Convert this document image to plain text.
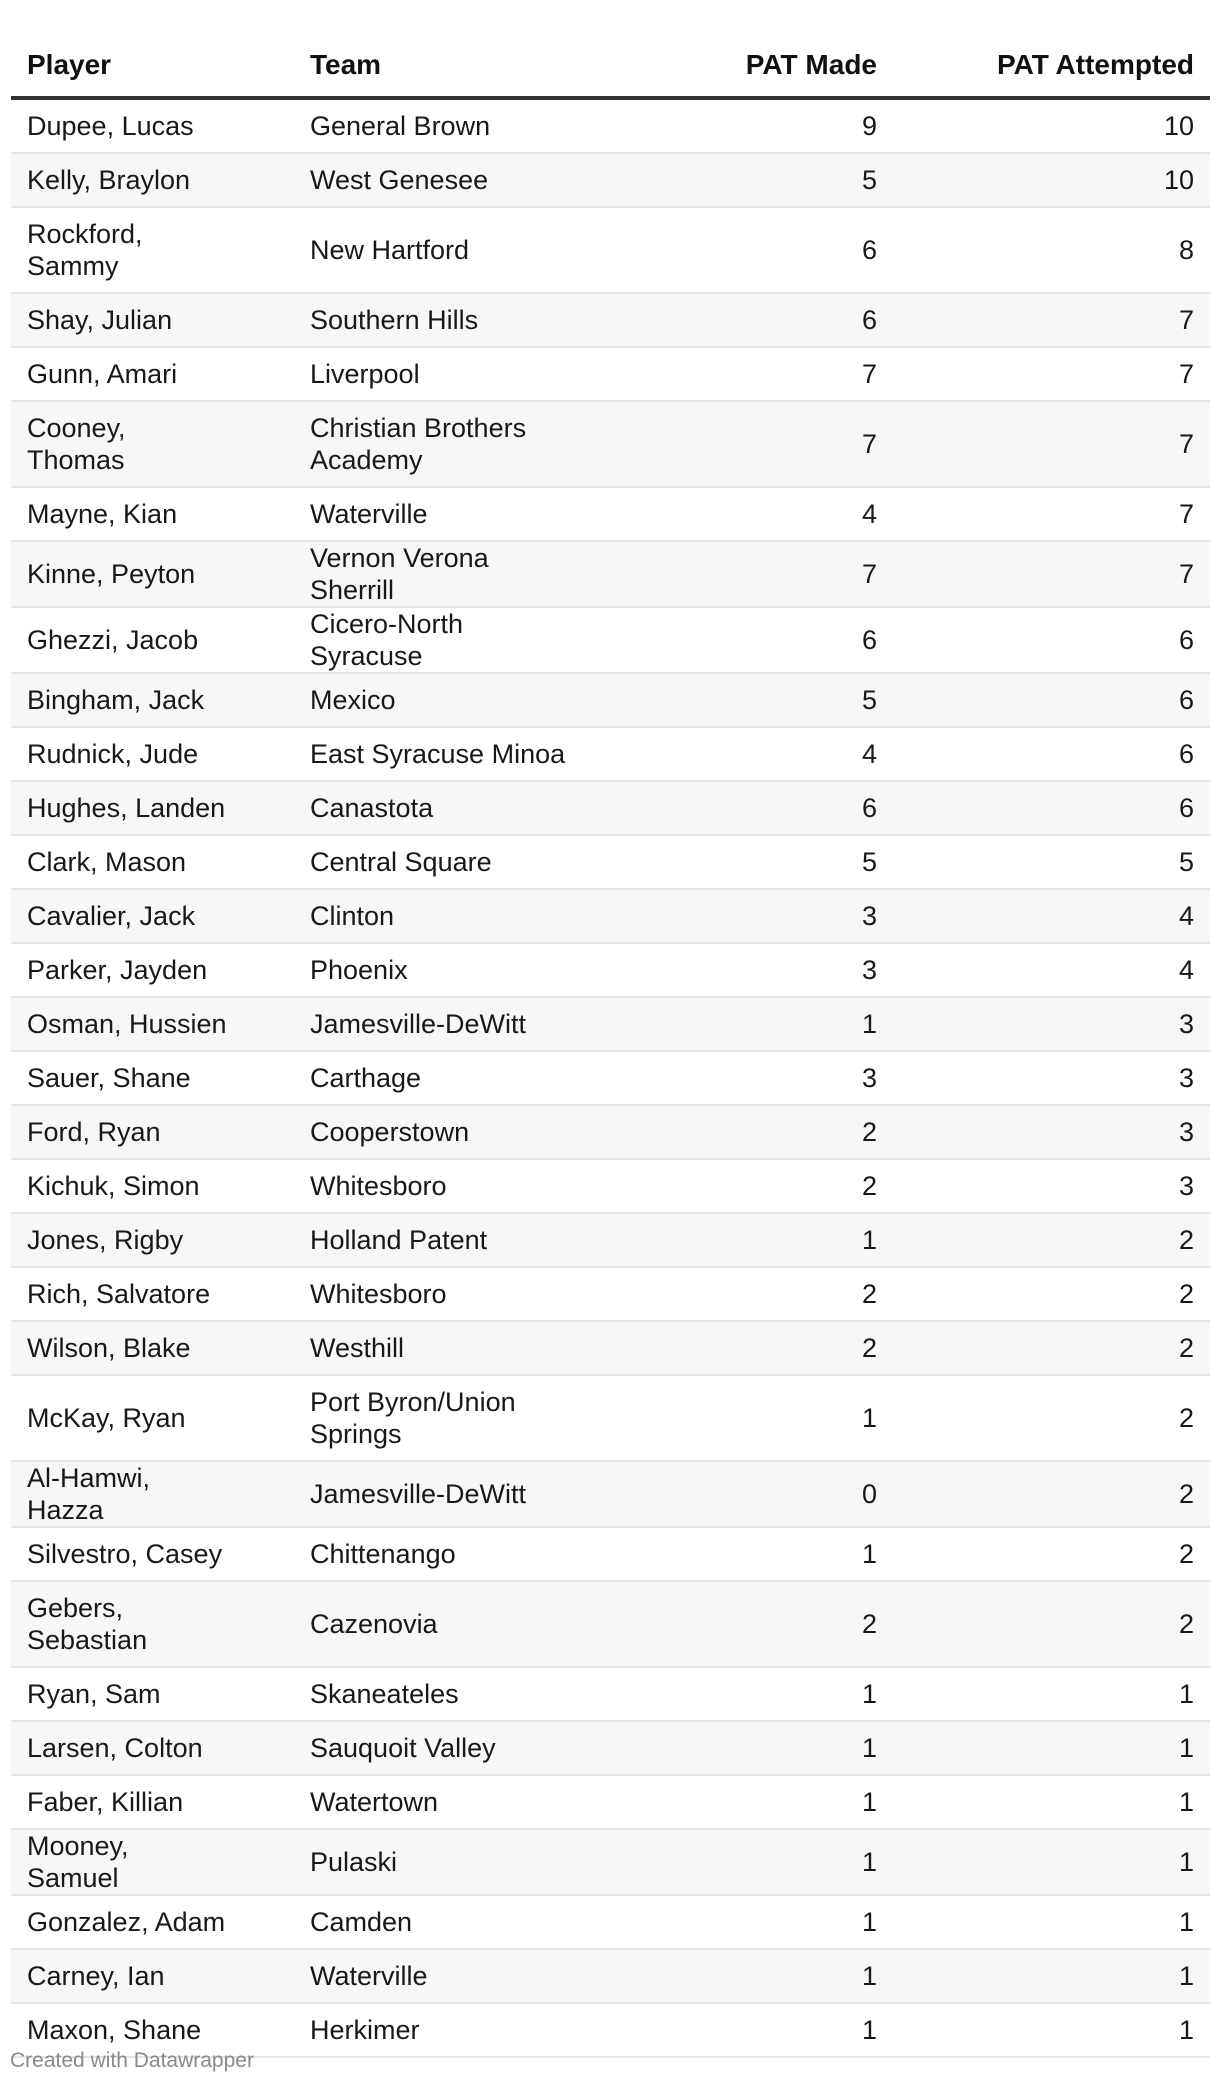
Player	Team	PAT Made	PAT Attempted
Dupee, Lucas	General Brown	9	10
Kelly, Braylon	West Genesee	5	10
Rockford, Sammy	New Hartford	6	8
Shay, Julian	Southern Hills	6	7
Gunn, Amari	Liverpool	7	7
Cooney, Thomas	Christian Brothers Academy	7	7
Mayne, Kian	Waterville	4	7
Kinne, Peyton	Vernon Verona Sherrill	7	7
Ghezzi, Jacob	Cicero-North Syracuse	6	6
Bingham, Jack	Mexico	5	6
Rudnick, Jude	East Syracuse Minoa	4	6
Hughes, Landen	Canastota	6	6
Clark, Mason	Central Square	5	5
Cavalier, Jack	Clinton	3	4
Parker, Jayden	Phoenix	3	4
Osman, Hussien	Jamesville-DeWitt	1	3
Sauer, Shane	Carthage	3	3
Ford, Ryan	Cooperstown	2	3
Kichuk, Simon	Whitesboro	2	3
Jones, Rigby	Holland Patent	1	2
Rich, Salvatore	Whitesboro	2	2
Wilson, Blake	Westhill	2	2
McKay, Ryan	Port Byron/Union Springs	1	2
Al-Hamwi, Hazza	Jamesville-DeWitt	0	2
Silvestro, Casey	Chittenango	1	2
Gebers, Sebastian	Cazenovia	2	2
Ryan, Sam	Skaneateles	1	1
Larsen, Colton	Sauquoit Valley	1	1
Faber, Killian	Watertown	1	1
Mooney, Samuel	Pulaski	1	1
Gonzalez, Adam	Camden	1	1
Carney, Ian	Waterville	1	1
Maxon, Shane	Herkimer	1	1
Created with Datawrapper
